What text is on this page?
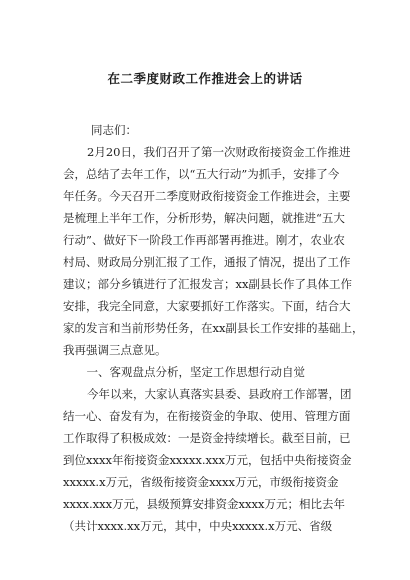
在二季度财政工作推进会上的讲话
同志们：
2月20日，我们召开了第一次财政衔接资金工作推进
会，总结了去年工作，以“五大行动”为抓手，安排了今
年任务。今天召开二季度财政衔接资金工作推进会，主要
是梳理上半年工作，分析形势，解决问题，就推进“五大
行动”、做好下一阶段工作再部署再推进。刚才，农业农
村局、财政局分别汇报了工作，通报了情况，提出了工作
建议；部分乡镇进行了汇报发言；xx副县长作了具体工作
安排，我完全同意，大家要抓好工作落实。下面，结合大
家的发言和当前形势任务，在xx副县长工作安排的基础上，
我再强调三点意见。
　一、客观盘点分析，坚定工作思想行动自觉
今年以来，大家认真落实县委、县政府工作部署，团
结一心、奋发有为，在衔接资金的争取、使用、管理方面
工作取得了积极成效：一是资金持续增长。截至目前，已
到位xxxx年衔接资金xxxxx.xxx万元，包括中央衔接资金
xxxxx.x万元，省级衔接资金xxxx万元，市级衔接资金
xxxx.xxx万元，县级预算安排资金xxxx万元；相比去年
（共计xxxx.xx万元，其中，中央xxxxx.x万元、省级
